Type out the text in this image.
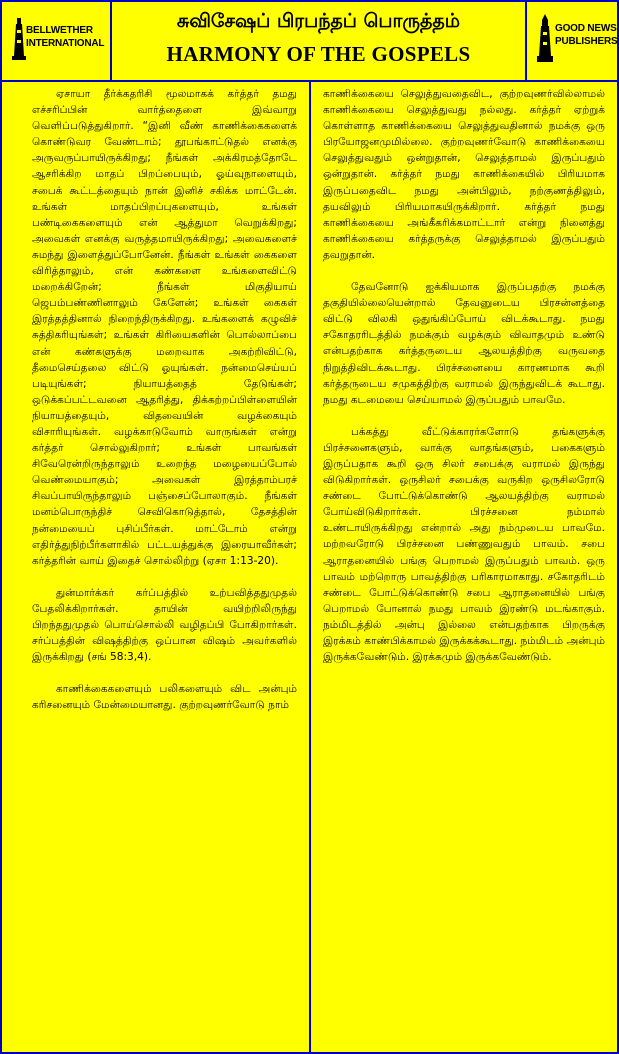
BELLWETHER INTERNATIONAL
சுவிசேஷப் பிரபந்தப் பொருத்தம்
HARMONY OF THE GOSPELS
GOOD NEWS PUBLISHERS

ஏசாயா தீர்க்கதரிசி மூலமாகக் கர்த்தர் தமது எச்சரிப்பின் வார்த்தைளை இவ்வாறு வெளிப்படுத்துகிறார். “இனி வீண் காணிக்கைகளைக் கொண்டுவர வேண்டாம்; தூபங்காட்டுதல் எனக்கு அருவருப்பாயிருக்கிறது; நீங்கள் அக்கிரமத்தோடே ஆசரிக்கிற மாதப் பிறப்பையும், ஓய்வுநாளையும், சபைக் கூட்டத்தையும் நான் இனிச் சகிக்க மாட்டேன். உங்கள் மாதப்பிறப்புகளையும், உங்கள் பண்டிகைகளையும் என் ஆத்துமா வெறுக்கிறது; அவைகள் எனக்கு வருத்தமாயிருக்கிறது; அவைகளைச் சுமந்து இளைத்துப்போனேன். நீங்கள் உங்கள் கைகளை விரித்தாலும், என் கண்களை உங்களைவிட்டு மறைக்கிறேன்; நீங்கள் மிகுதியாய் ஜெபம்பண்ணினாலும் கேளேன்; உங்கள் கைகள் இரத்தத்தினால் நிறைந்திருக்கிறது. உங்களைக் கழுவிச் சுத்திகரியுங்கள்; உங்கள் கிரியைகளின் பொல்லாப்பை என் கண்களுக்கு மறைவாக அகற்றிவிட்டு, தீமைசெய்தலை விட்டு ஓயுங்கள். நன்மைசெய்யப் படியுங்கள்; நியாயத்தைத் தேடுங்கள்; ஒடுக்கப்பட்டவனை ஆதரித்து, திக்கற்றப்பிள்ளையின் நியாயத்தையும், விதவையின் வழக்கையும் விசாரியுங்கள். வழக்காடுவோம் வாருங்கள் என்று கர்த்தர் சொல்லுகிறார்; உங்கள் பாவங்கள் சிவேரென்றிருந்தாலும் உறைந்த மழையைப்போல் வெண்மையாகும்; அவைகள் இரத்தாம்பரச் சிவப்பாயிருந்தாலும் பஞ்சைப்போலாகும். நீங்கள் மனம்பொருந்திச் செவிகொடுத்தால், தேசத்தின் நன்மையைப் புசிப்பீர்கள். மாட்டோம் என்று எதிர்த்துநிற்பீர்களாகில் பட்டயத்துக்கு இரையாவீர்கள்; கர்த்தரின் வாய் இதைச் சொல்லிற்று (ஏசா 1:13-20).

துன்மார்க்கர் கர்ப்பத்தில் உற்பவித்ததுமுதல் பேதலிக்கிறார்கள். தாயின் வயிற்றிலிருந்து பிறந்ததுமுதல் பொய்சொல்லி வழிதப்பி போகிறார்கள். சர்ப்பத்தின் விஷத்திற்கு ஒப்பான விஷம் அவர்களில் இருக்கிறது (சங் 58:3,4).

காணிக்கைகளையும் பலிகளையும் விட அன்பும் கரிசனையும் மேன்மையானது. குற்றவுணர்வோடு நாம்

காணிக்கையை செலுத்துவதைவிட, குற்றவுணர்வில்லாமல் காணிக்கையை செலுத்துவது நல்லது. கர்த்தர் ஏற்றுக் கொள்ளாத காணிக்கையை செலுத்துவதினால் நமக்கு ஒரு பிரயோஜனமுமில்லை. குற்றவுணர்வோடு காணிக்கையை செலுத்துவதும் ஒன்றுதான், செலுத்தாமல் இருப்பதும் ஒன்றுதான். கர்த்தர் நமது காணிக்கையில் பிரியமாக இருப்பதைவிட நமது அன்பிலும், நற்குணத்திலும், தயவிலும் பிரியமாகயிருக்கிறார். கர்த்தர் நமது காணிக்கையை அங்கீகரிக்கமாட்டார் என்று நினைத்து காணிக்கையை கர்த்தருக்கு செலுத்தாமல் இருப்பதும் தவறுதான்.

தேவனோடு ஐக்கியமாக இருப்பதற்கு நமக்கு தகுதியில்லையென்றால் தேவனுடைய பிரசன்னத்தை விட்டு விலகி ஒதுங்கிப்போய் விடக்கூடாது. நமது சகோதரரிடத்தில் நமக்கும் வழக்கும் விவாதமும் உண்டு என்பதற்காக கர்த்தருடைய ஆலயத்திற்கு வருவதை நிறுத்திவிடக்கூடாது. பிரச்சனையை காரணமாக கூறி கர்த்தருடைய சமுகத்திற்கு வராமல் இருந்துவிடக் கூடாது. நமது கடமையை செய்யாமல் இருப்பதும் பாவமே.

பக்கத்து வீட்டுக்காரர்களோடு தங்களுக்கு பிரச்சனைகளும், வாக்கு வாதங்களும், பகைகளும் இருப்பதாக கூறி ஒரு சிலர் சபைக்கு வராமல் இருந்து விடுகிறார்கள். ஒருசிலர் சபைக்கு வருகிற ஒருசிலரோடு சண்டை போட்டுக்கொண்டு ஆலயத்திற்கு வராமல் போய்விடுகிறார்கள். பிரச்சனை நம்மால் உண்டாயிருக்கிறது என்றால் அது நம்முடைய பாவமே. மற்றவரோடு பிரச்சனை பண்ணுவதும் பாவம். சபை ஆராதனையில் பங்கு பெறாமல் இருப்பதும் பாவம். ஒரு பாவம் மற்றொரு பாவத்திற்கு பரிகாரமாகாது. சகோதரிடம் சண்டை போட்டுக்கொண்டு சபை ஆராதனையில் பங்கு பெறாமல் போனால் நமது பாவம் இரண்டு மடங்காகும். நம்மிடத்தில் அன்பு இல்லை என்பதற்காக பிறருக்கு இரக்கம் காண்பிக்காமல் இருக்கக்கூடாது. நம்மிடம் அன்பும் இருக்கவேண்டும். இரக்கமும் இருக்கவேண்டும்.
